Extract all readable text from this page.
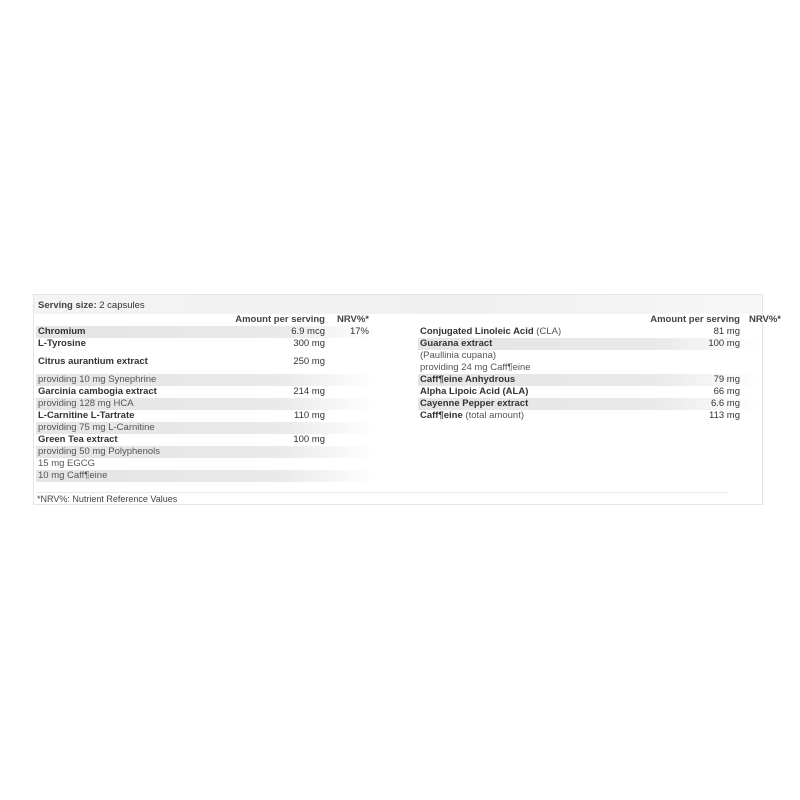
Serving size: 2 capsules
Amount per serving NRV%*
Chromium	6.9 mcg	17%
L-Tyrosine	300 mg
Citrus aurantium extract	250 mg
providing 10 mg Synephrine
Garcinia cambogia extract	214 mg
providing 128 mg HCA
L-Carnitine L-Tartrate	110 mg
providing 75 mg L-Carnitine
Green Tea extract	100 mg
providing 50 mg Polyphenols
15 mg EGCG
10 mg Caff¶eine
Amount per serving NRV%*
Conjugated Linoleic Acid (CLA)	81 mg
Guarana extract	100 mg
(Paullinia cupana)
providing 24 mg Caff¶eine
Caff¶eine Anhydrous	79 mg
Alpha Lipoic Acid (ALA)	66 mg
Cayenne Pepper extract	6.6 mg
Caff¶eine (total amount)	113 mg
*NRV%: Nutrient Reference Values
